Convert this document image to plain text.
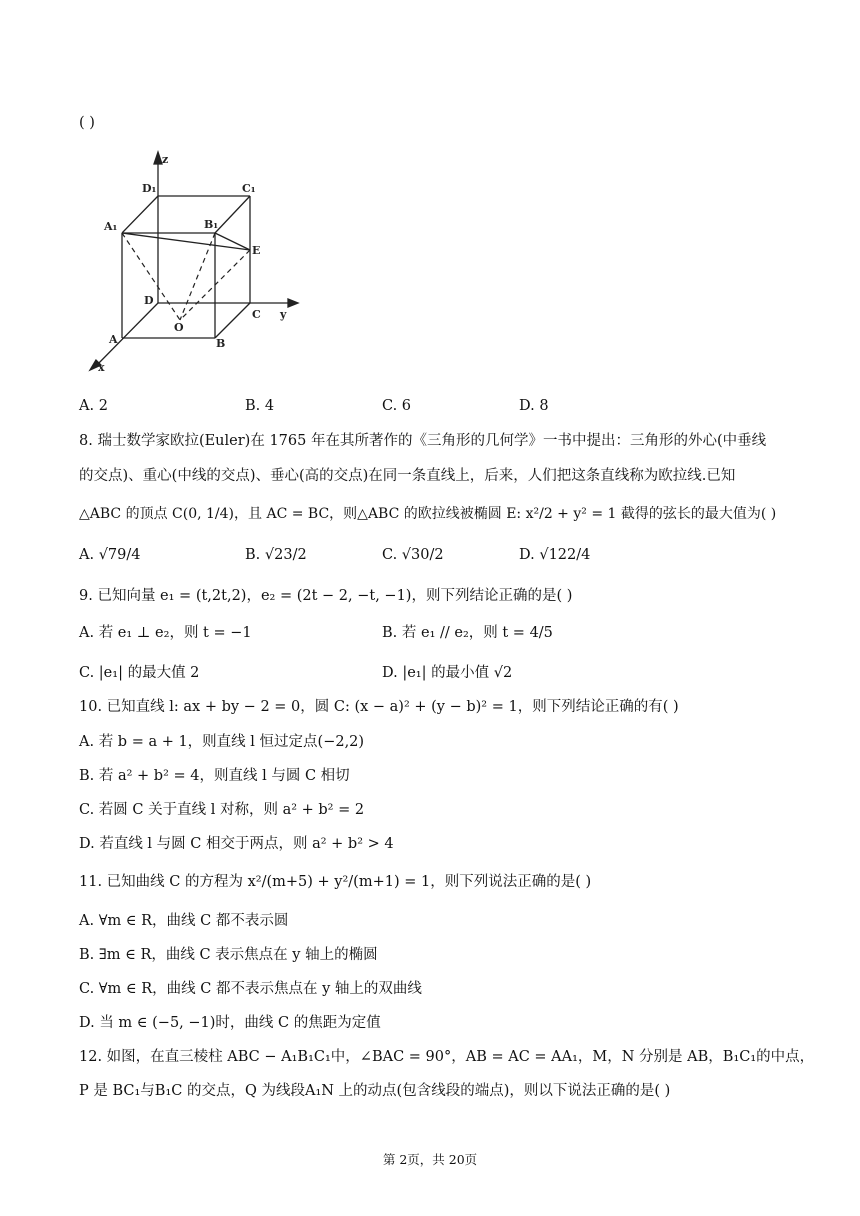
( )
z
y
x
D₁	C₁
A₁	B₁
E
D
O
C
A	B
A. 2	B. 4	C. 6	D. 8
8. 瑞士数学家欧拉(Euler)在 1765 年在其所著作的《三角形的几何学》一书中提出：三角形的外心(中垂线
的交点)、重心(中线的交点)、垂心(高的交点)在同一条直线上，后来，人们把这条直线称为欧拉线.已知
△ABC 的顶点 C(0, 1/4)，且 AC = BC，则△ABC 的欧拉线被椭圆 E: x²/2 + y² = 1 截得的弦长的最大值为( )
A. √79/4	B. √23/2	C. √30/2	D. √122/4
9. 已知向量 e₁ = (t,2t,2)，e₂ = (2t − 2, −t, −1)，则下列结论正确的是( )
A. 若 e₁ ⊥ e₂，则 t = −1	B. 若 e₁ // e₂，则 t = 4/5
C. |e₁| 的最大值 2	D. |e₁| 的最小值 √2
10. 已知直线 l: ax + by − 2 = 0，圆 C: (x − a)² + (y − b)² = 1，则下列结论正确的有( )
A. 若 b = a + 1，则直线 l 恒过定点(−2,2)
B. 若 a² + b² = 4，则直线 l 与圆 C 相切
C. 若圆 C 关于直线 l 对称，则 a² + b² = 2
D. 若直线 l 与圆 C 相交于两点，则 a² + b² > 4
11. 已知曲线 C 的方程为 x²/(m+5) + y²/(m+1) = 1，则下列说法正确的是( )
A. ∀m ∈ R，曲线 C 都不表示圆
B. ∃m ∈ R，曲线 C 表示焦点在 y 轴上的椭圆
C. ∀m ∈ R，曲线 C 都不表示焦点在 y 轴上的双曲线
D. 当 m ∈ (−5, −1)时，曲线 C 的焦距为定值
12. 如图，在直三棱柱 ABC − A₁B₁C₁中，∠BAC = 90°，AB = AC = AA₁，M，N 分别是 AB，B₁C₁的中点，
P 是 BC₁与B₁C 的交点，Q 为线段A₁N 上的动点(包含线段的端点)，则以下说法正确的是( )
第 2页，共 20页
